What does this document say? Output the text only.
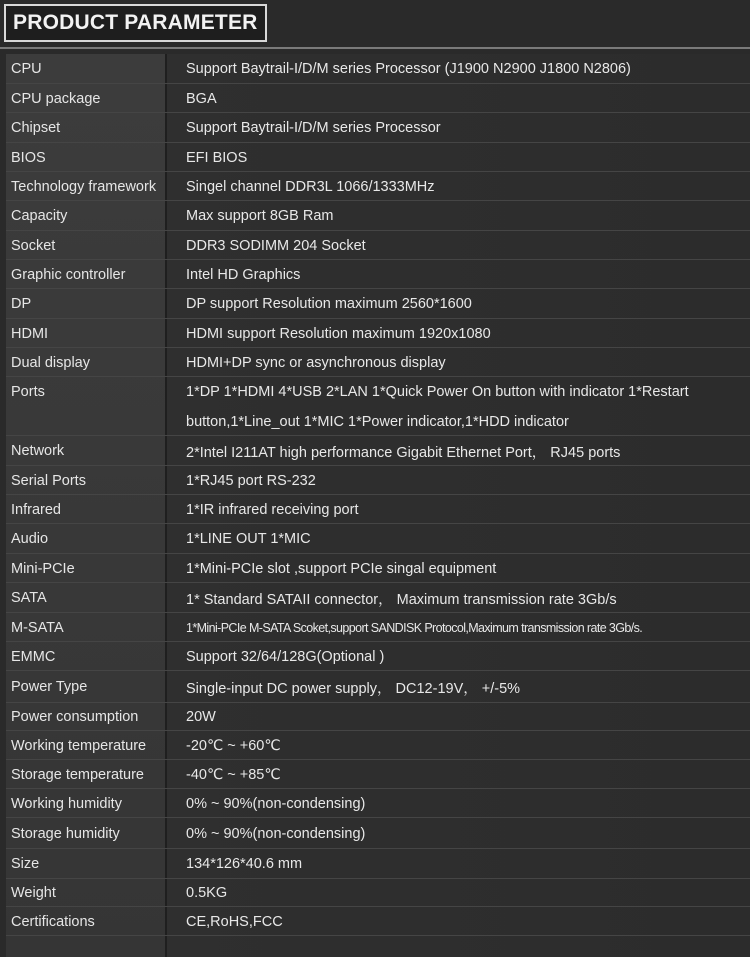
PRODUCT PARAMETER
CPU	Support Baytrail-I/D/M series Processor (J1900 N2900 J1800 N2806)
CPU package	BGA
Chipset	Support Baytrail-I/D/M series Processor
BIOS	EFI BIOS
Technology framework	Singel channel DDR3L 1066/1333MHz
Capacity	Max support 8GB Ram
Socket	DDR3 SODIMM 204 Socket
Graphic controller	Intel HD Graphics
DP	DP support Resolution maximum 2560*1600
HDMI	HDMI support Resolution maximum 1920x1080
Dual display	HDMI+DP sync or asynchronous display
Ports	1*DP 1*HDMI 4*USB 2*LAN 1*Quick Power On button with indicator 1*Restart
button,1*Line_out 1*MIC 1*Power indicator,1*HDD indicator
Network	2*Intel I211AT high performance Gigabit Ethernet Port， RJ45 ports
Serial Ports	1*RJ45 port RS-232
Infrared	1*IR infrared receiving port
Audio	1*LINE OUT 1*MIC
Mini-PCIe	1*Mini-PCIe slot ,support PCIe singal equipment
SATA	1* Standard SATAII connector， Maximum transmission rate 3Gb/s
M-SATA	1*Mini-PCIe M-SATA Scoket,support SANDISK Protocol,Maximum transmission rate 3Gb/s.
EMMC	Support 32/64/128G(Optional )
Power Type	Single-input DC power supply， DC12-19V， +/-5%
Power consumption	20W
Working temperature	-20℃ ~ +60℃
Storage temperature	-40℃ ~ +85℃
Working humidity	0% ~ 90%(non-condensing)
Storage humidity	0% ~ 90%(non-condensing)
Size	134*126*40.6 mm
Weight	0.5KG
Certifications	CE,RoHS,FCC
